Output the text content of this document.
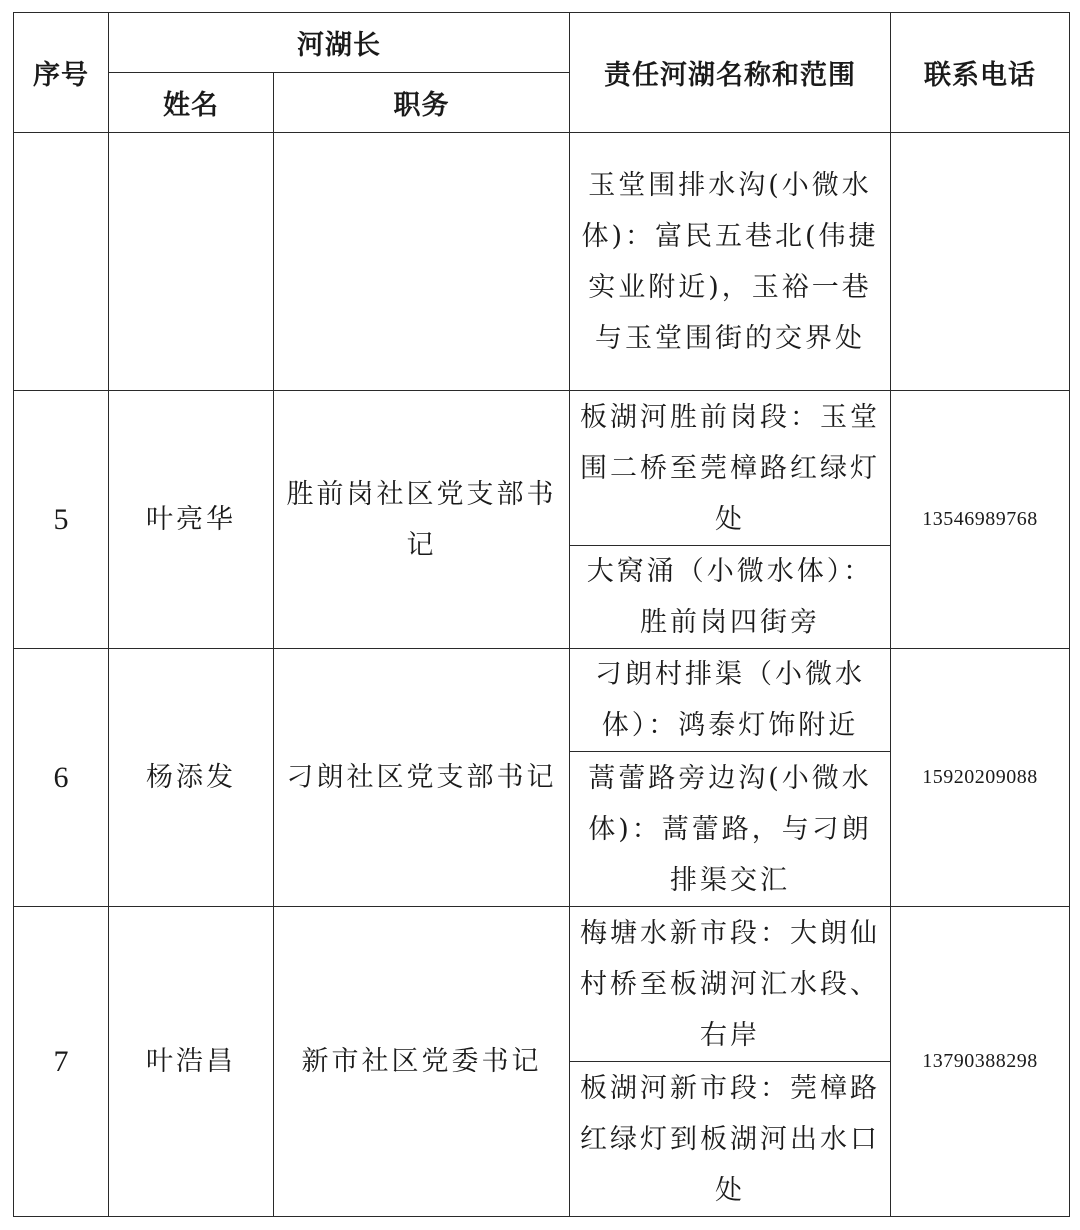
序号	河湖长		责任河湖名称和范围	联系电话
	姓名	职务		
			玉堂围排水沟(小微水体)：富民五巷北(伟捷实业附近)，玉裕一巷与玉堂围街的交界处	
5	叶亮华	胜前岗社区党支部书记	板湖河胜前岗段：玉堂围二桥至莞樟路红绿灯处	13546989768
			大窝涌（小微水体）：胜前岗四街旁	
6	杨添发	刁朗社区党支部书记	刁朗村排渠（小微水体）：鸿泰灯饰附近	15920209088
			蒿蕾路旁边沟(小微水体)：蒿蕾路，与刁朗排渠交汇	
7	叶浩昌	新市社区党委书记	梅塘水新市段：大朗仙村桥至板湖河汇水段、右岸	13790388298
			板湖河新市段：莞樟路红绿灯到板湖河出水口处	
